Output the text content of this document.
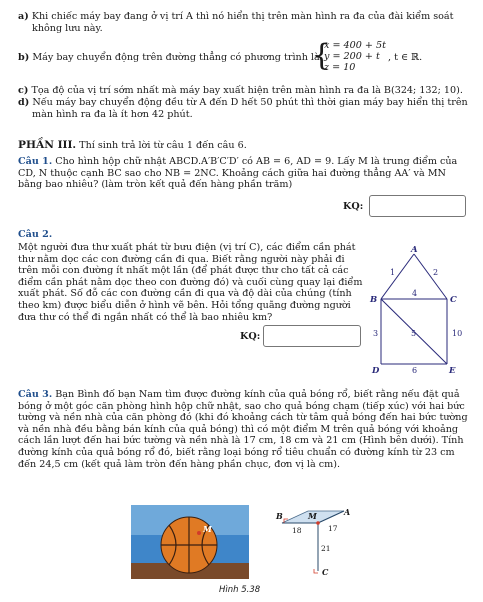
a) Khi chiếc máy bay đang ở vị trí A thì nó hiển thị trên màn hình ra đa của đài kiểm soát không lưu này.
b) Máy bay chuyển động trên đường thẳng có phương trình là
{
x = 400 + 5t
y = 200 + t
z = 10
, t ∈ ℝ.
c) Tọa độ của vị trí sớm nhất mà máy bay xuất hiện trên màn hình ra đa là B(324; 132; 10).
d) Nếu máy bay chuyển động đều từ A đến D hết 50 phút thì thời gian máy bay hiển thị trên màn hình ra đa là ít hơn 42 phút.
PHẦN III. Thí sinh trả lời từ câu 1 đến câu 6.
Câu 1. Cho hình hộp chữ nhật ABCD.A′B′C′D′ có AB = 6, AD = 9. Lấy M là trung điểm của CD, N thuộc cạnh BC sao cho NB = 2NC. Khoảng cách giữa hai đường thẳng AA′ và MN bằng bao nhiêu? (làm tròn kết quả đến hàng phần trăm)
KQ:
Câu 2.
Một người đưa thư xuất phát từ bưu điện (vị trí C), các điểm cần phát thư nằm dọc các con đường cần đi qua. Biết rằng người này phải đi trên mỗi con đường ít nhất một lần (để phát được thư cho tất cả các điểm cần phát nằm dọc theo con đường đó) và cuối cùng quay lại điểm xuất phát. Số đỗ các con đường cần đi qua và độ dài của chúng (tính theo km) được biểu diễn ở hình vẽ bên. Hỏi tổng quãng đường người đưa thư có thể đi ngắn nhất có thể là bao nhiêu km?
KQ:
A
B	C
D	E
1	2
4
3	5	10
6
Câu 3. Bạn Bình đố bạn Nam tìm được đường kính của quả bóng rổ, biết rằng nếu đặt quả bóng ở một góc căn phòng hình hộp chữ nhật, sao cho quả bóng chạm (tiếp xúc) với hai bức tường và nền nhà của căn phòng đó (khi đó khoảng cách từ tâm quả bóng đến hai bức tường và nền nhà đều bằng bán kính của quả bóng) thì có một điểm M trên quả bóng với khoảng cách lần lượt đến hai bức tường và nền nhà là 17 cm, 18 cm và 21 cm (Hình bên dưới). Tính đường kính của quả bóng rổ đó, biết rằng loại bóng rổ tiêu chuẩn có đường kính từ 23 cm đến 24,5 cm (kết quả làm tròn đến hàng phần chục, đơn vị là cm).
M
B	M	A
C
18	17
21
Hình 5.38
